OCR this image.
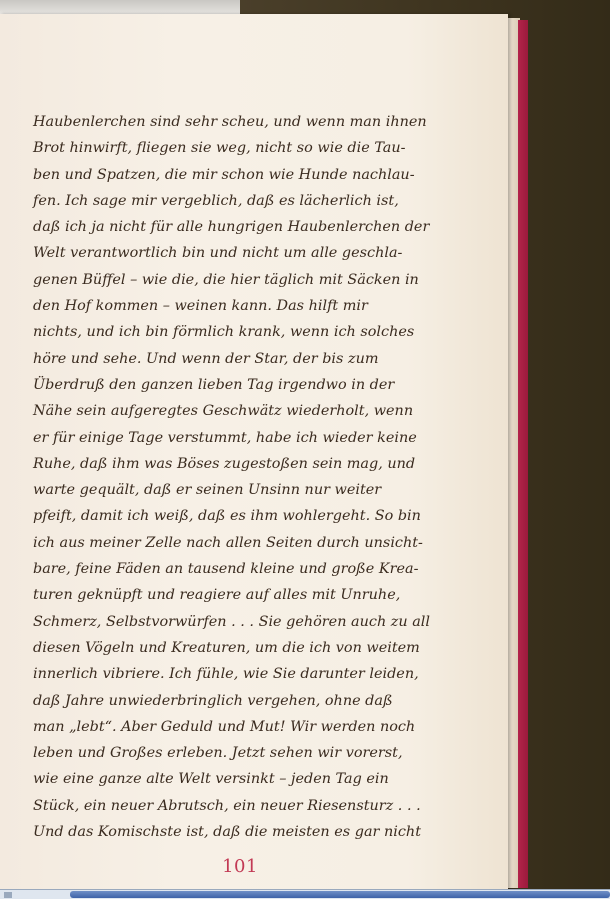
Haubenlerchen sind sehr scheu, und wenn man ihnen
Brot hinwirft, fliegen sie weg, nicht so wie die Tau-
ben und Spatzen, die mir schon wie Hunde nachlau-
fen. Ich sage mir vergeblich, daß es lächerlich ist,
daß ich ja nicht für alle hungrigen Haubenlerchen der
Welt verantwortlich bin und nicht um alle geschla-
genen Büffel – wie die, die hier täglich mit Säcken in
den Hof kommen – weinen kann. Das hilft mir
nichts, und ich bin förmlich krank, wenn ich solches
höre und sehe. Und wenn der Star, der bis zum
Überdruß den ganzen lieben Tag irgendwo in der
Nähe sein aufgeregtes Geschwätz wiederholt, wenn
er für einige Tage verstummt, habe ich wieder keine
Ruhe, daß ihm was Böses zugestoßen sein mag, und
warte gequält, daß er seinen Unsinn nur weiter
pfeift, damit ich weiß, daß es ihm wohlergeht. So bin
ich aus meiner Zelle nach allen Seiten durch unsicht-
bare, feine Fäden an tausend kleine und große Krea-
turen geknüpft und reagiere auf alles mit Unruhe,
Schmerz, Selbstvorwürfen . . . Sie gehören auch zu all
diesen Vögeln und Kreaturen, um die ich von weitem
innerlich vibriere. Ich fühle, wie Sie darunter leiden,
daß Jahre unwiederbringlich vergehen, ohne daß
man „lebt“. Aber Geduld und Mut! Wir werden noch
leben und Großes erleben. Jetzt sehen wir vorerst,
wie eine ganze alte Welt versinkt – jeden Tag ein
Stück, ein neuer Abrutsch, ein neuer Riesensturz . . .
Und das Komischste ist, daß die meisten es gar nicht
101
